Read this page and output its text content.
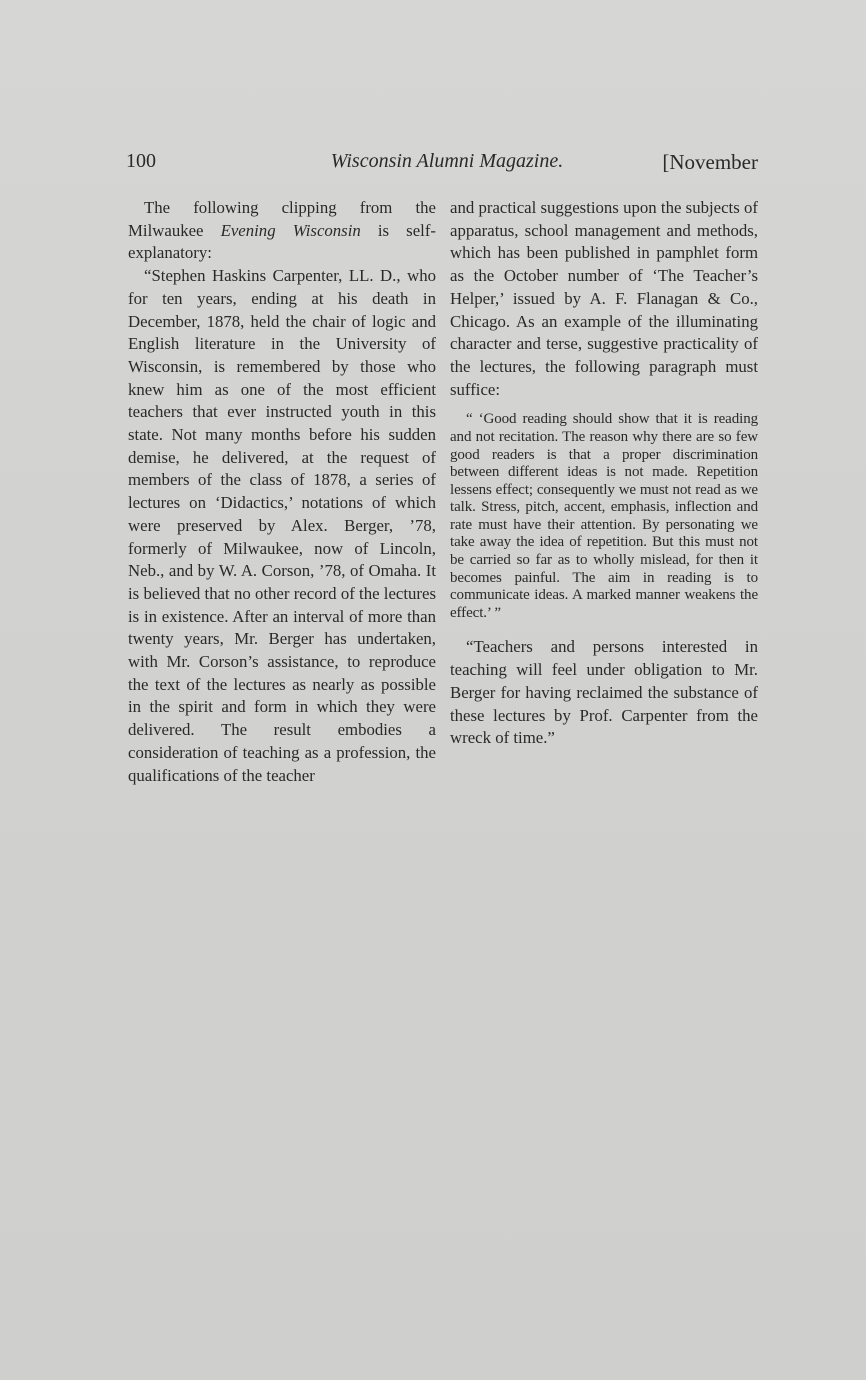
100	Wisconsin Alumni Magazine.	[November

The following clipping from the Milwaukee Evening Wisconsin is self-explanatory:

“Stephen Haskins Carpenter, LL. D., who for ten years, ending at his death in December, 1878, held the chair of logic and English literature in the University of Wisconsin, is remembered by those who knew him as one of the most efficient teachers that ever instructed youth in this state. Not many months before his sudden demise, he delivered, at the request of members of the class of 1878, a series of lectures on ‘Didactics,’ notations of which were preserved by Alex. Berger, ’78, formerly of Milwaukee, now of Lincoln, Neb., and by W. A. Corson, ’78, of Omaha. It is believed that no other record of the lectures is in existence. After an interval of more than twenty years, Mr. Berger has undertaken, with Mr. Corson’s assistance, to reproduce the text of the lectures as nearly as possible in the spirit and form in which they were delivered. The result embodies a consideration of teaching as a profession, the qualifications of the teacher

and practical suggestions upon the subjects of apparatus, school management and methods, which has been published in pamphlet form as the October number of ‘The Teacher’s Helper,’ issued by A. F. Flanagan & Co., Chicago. As an example of the illuminating character and terse, suggestive practicality of the lectures, the following paragraph must suffice:

“ ‘Good reading should show that it is reading and not recitation. The reason why there are so few good readers is that a proper discrimination between different ideas is not made. Repetition lessens effect; consequently we must not read as we talk. Stress, pitch, accent, emphasis, inflection and rate must have their attention. By personating we take away the idea of repetition. But this must not be carried so far as to wholly mislead, for then it becomes painful. The aim in reading is to communicate ideas. A marked manner weakens the effect.’ ”

“Teachers and persons interested in teaching will feel under obligation to Mr. Berger for having reclaimed the substance of these lectures by Prof. Carpenter from the wreck of time.”
